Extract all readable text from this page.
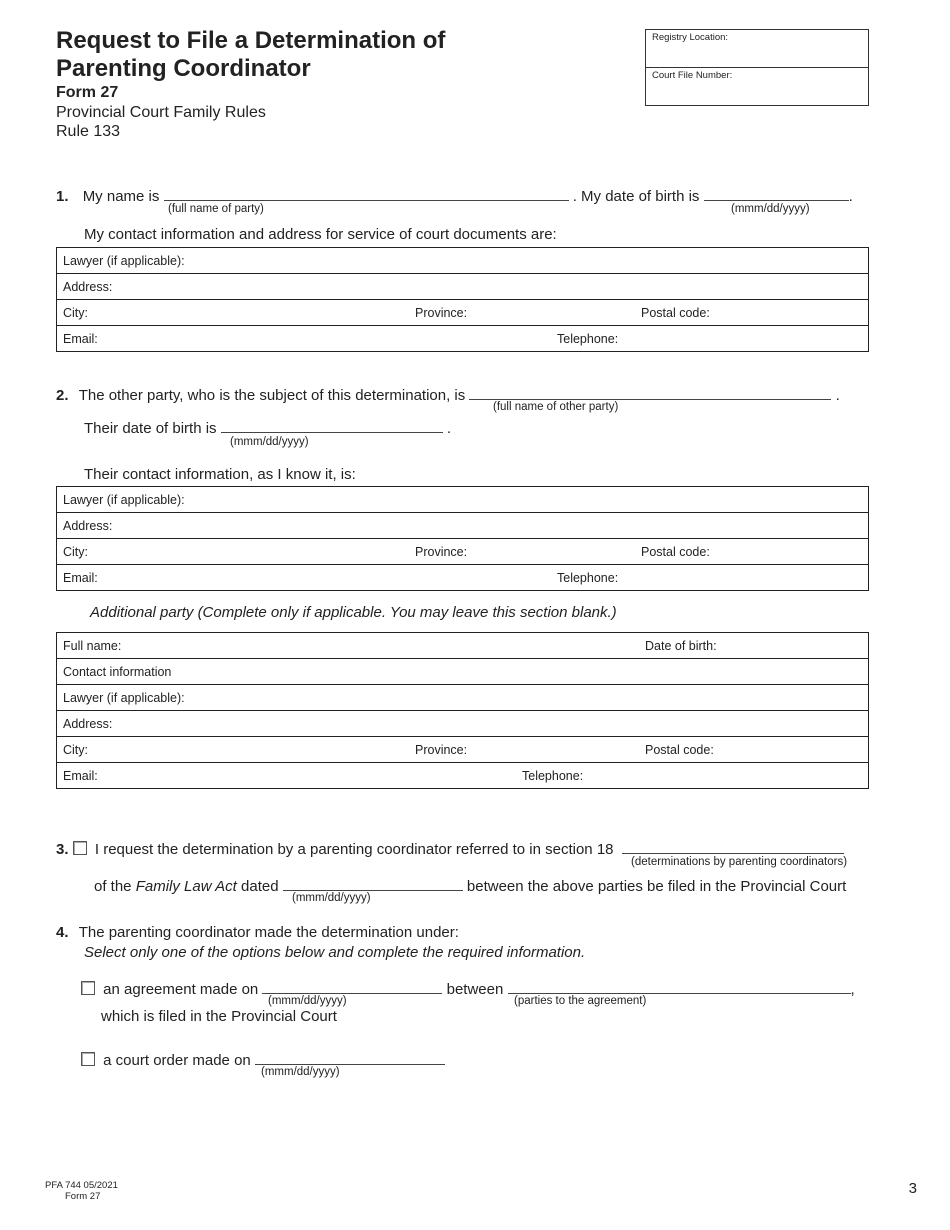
Request to File a Determination of
Parenting Coordinator
Form 27
Provincial Court Family Rules
Rule 133
Registry Location:
Court File Number:
1. My name is	. My date of birth is	.
(full name of party)	(mmm/dd/yyyy)
My contact information and address for service of court documents are:
Lawyer (if applicable):		
Address:		
City:	Province:	Postal code:
Email: Telephone:		

2. The other party, who is the subject of this determination, is	.
(full name of other party)
Their date of birth is	.
(mmm/dd/yyyy)
Their contact information, as I know it, is:
Lawyer (if applicable):		
Address:		
City:	Province:	Postal code:
Email: Telephone:		

Additional party (Complete only if applicable. You may leave this section blank.)
Full name:		Date of birth:
Contact information		
Lawyer (if applicable):		
Address:		
City:	Province:	Postal code:
Email: Telephone:		

3. I request the determination by a parenting coordinator referred to in section 18
(determinations by parenting coordinators)
of the Family Law Act dated	between the above parties be filed in the Provincial Court
(mmm/dd/yyyy)
4. The parenting coordinator made the determination under:
Select only one of the options below and complete the required information.
an agreement made on	between	,
(mmm/dd/yyyy)	(parties to the agreement)
which is filed in the Provincial Court
a court order made on
(mmm/dd/yyyy)
PFA 744 05/2021
Form 27	3
